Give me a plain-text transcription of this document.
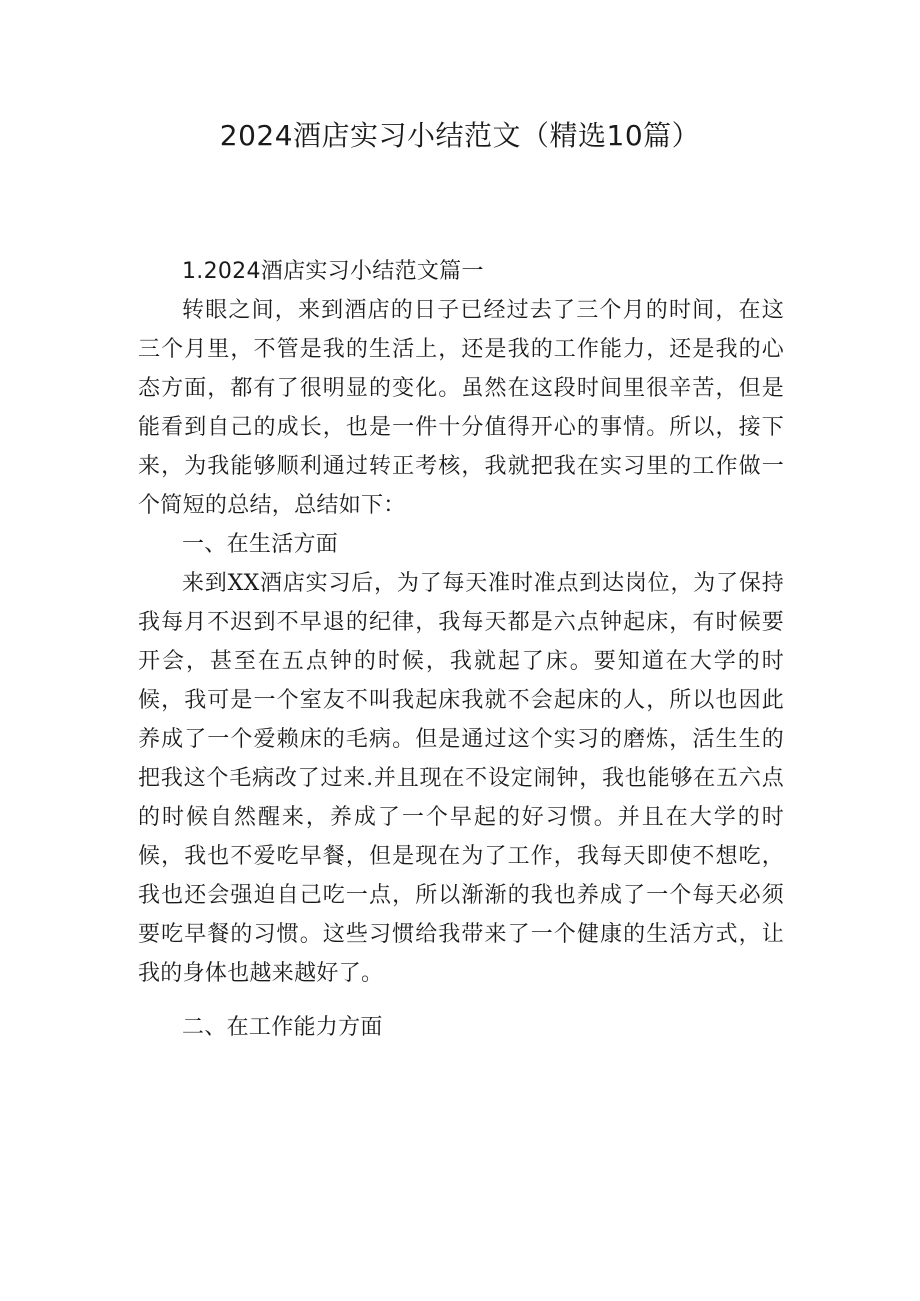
2024酒店实习小结范文（精选10篇）

1.2024酒店实习小结范文篇一

转眼之间，来到酒店的日子已经过去了三个月的时间，在这三个月里，不管是我的生活上，还是我的工作能力，还是我的心态方面，都有了很明显的变化。虽然在这段时间里很辛苦，但是能看到自己的成长，也是一件十分值得开心的事情。所以，接下来，为我能够顺利通过转正考核，我就把我在实习里的工作做一个简短的总结，总结如下：

一、在生活方面

来到XX酒店实习后，为了每天准时准点到达岗位，为了保持我每月不迟到不早退的纪律，我每天都是六点钟起床，有时候要开会，甚至在五点钟的时候，我就起了床。要知道在大学的时候，我可是一个室友不叫我起床我就不会起床的人，所以也因此养成了一个爱赖床的毛病。但是通过这个实习的磨炼，活生生的把我这个毛病改了过来.并且现在不设定闹钟，我也能够在五六点的时候自然醒来，养成了一个早起的好习惯。并且在大学的时候，我也不爱吃早餐，但是现在为了工作，我每天即使不想吃，我也还会强迫自己吃一点，所以渐渐的我也养成了一个每天必须要吃早餐的习惯。这些习惯给我带来了一个健康的生活方式，让我的身体也越来越好了。

二、在工作能力方面
